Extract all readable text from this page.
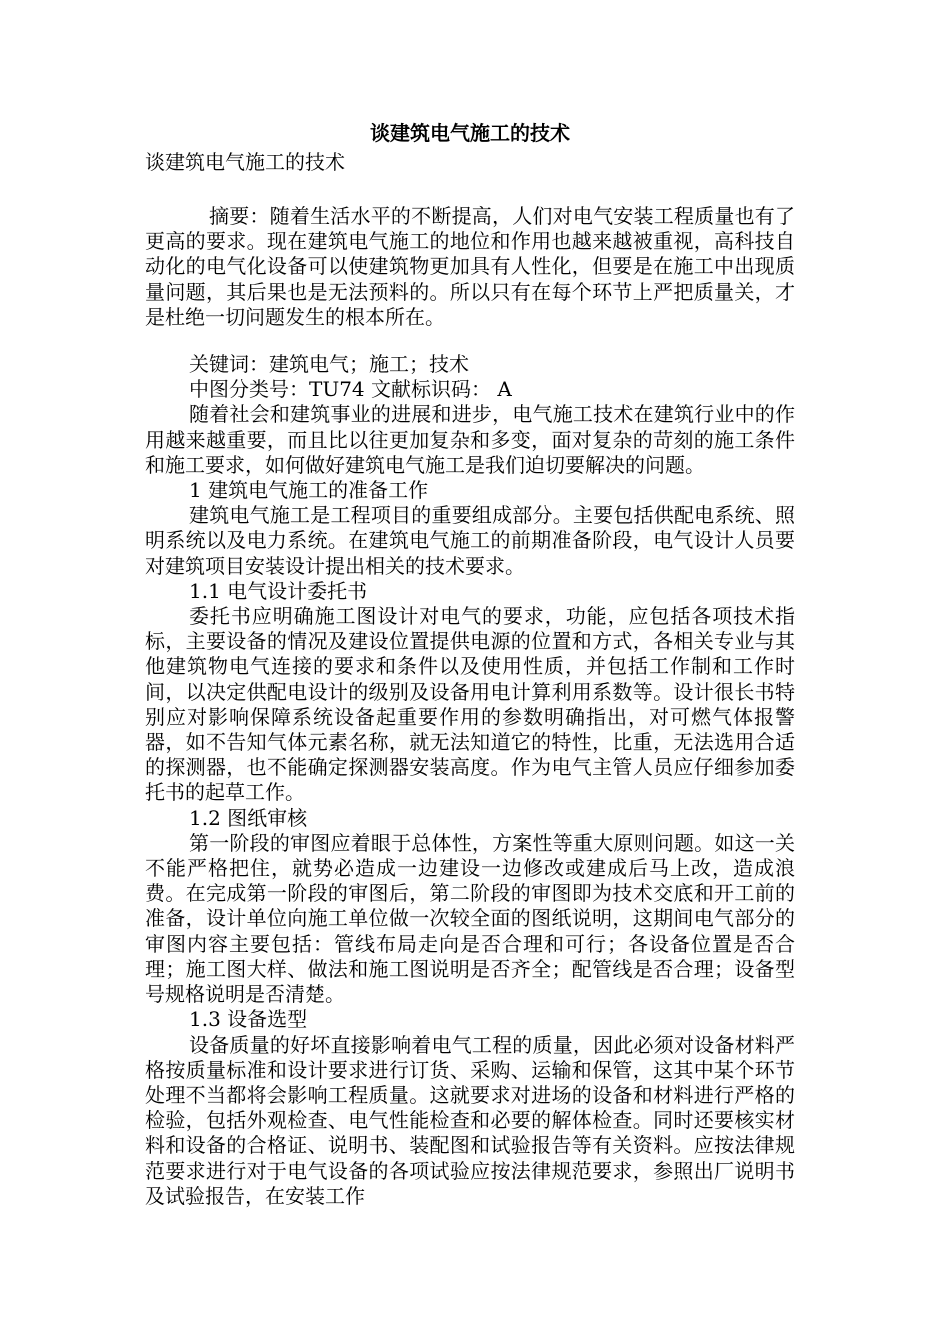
谈建筑电气施工的技术

谈建筑电气施工的技术

摘要：随着生活水平的不断提高，人们对电气安装工程质量也有了更高的要求。现在建筑电气施工的地位和作用也越来越被重视，高科技自动化的电气化设备可以使建筑物更加具有人性化，但要是在施工中出现质量问题，其后果也是无法预料的。所以只有在每个环节上严把质量关，才是杜绝一切问题发生的根本所在。

关键词：建筑电气；施工；技术

中图分类号：TU74 文献标识码： A

随着社会和建筑事业的进展和进步，电气施工技术在建筑行业中的作用越来越重要，而且比以往更加复杂和多变，面对复杂的苛刻的施工条件和施工要求，如何做好建筑电气施工是我们迫切要解决的问题。

1 建筑电气施工的准备工作

建筑电气施工是工程项目的重要组成部分。主要包括供配电系统、照明系统以及电力系统。在建筑电气施工的前期准备阶段，电气设计人员要对建筑项目安装设计提出相关的技术要求。

1.1 电气设计委托书

委托书应明确施工图设计对电气的要求，功能，应包括各项技术指标，主要设备的情况及建设位置提供电源的位置和方式，各相关专业与其他建筑物电气连接的要求和条件以及使用性质，并包括工作制和工作时间，以决定供配电设计的级别及设备用电计算利用系数等。设计很长书特别应对影响保障系统设备起重要作用的参数明确指出，对可燃气体报警器，如不告知气体元素名称，就无法知道它的特性，比重，无法选用合适的探测器，也不能确定探测器安装高度。作为电气主管人员应仔细参加委托书的起草工作。

1.2 图纸审核

第一阶段的审图应着眼于总体性，方案性等重大原则问题。如这一关不能严格把住，就势必造成一边建设一边修改或建成后马上改，造成浪费。在完成第一阶段的审图后，第二阶段的审图即为技术交底和开工前的准备，设计单位向施工单位做一次较全面的图纸说明，这期间电气部分的审图内容主要包括：管线布局走向是否合理和可行；各设备位置是否合理；施工图大样、做法和施工图说明是否齐全；配管线是否合理；设备型号规格说明是否清楚。

1.3 设备选型

设备质量的好坏直接影响着电气工程的质量，因此必须对设备材料严格按质量标准和设计要求进行订货、采购、运输和保管，这其中某个环节处理不当都将会影响工程质量。这就要求对进场的设备和材料进行严格的检验，包括外观检查、电气性能检查和必要的解体检查。同时还要核实材料和设备的合格证、说明书、装配图和试验报告等有关资料。应按法律规范要求进行对于电气设备的各项试验应按法律规范要求，参照出厂说明书及试验报告，在安装工作
